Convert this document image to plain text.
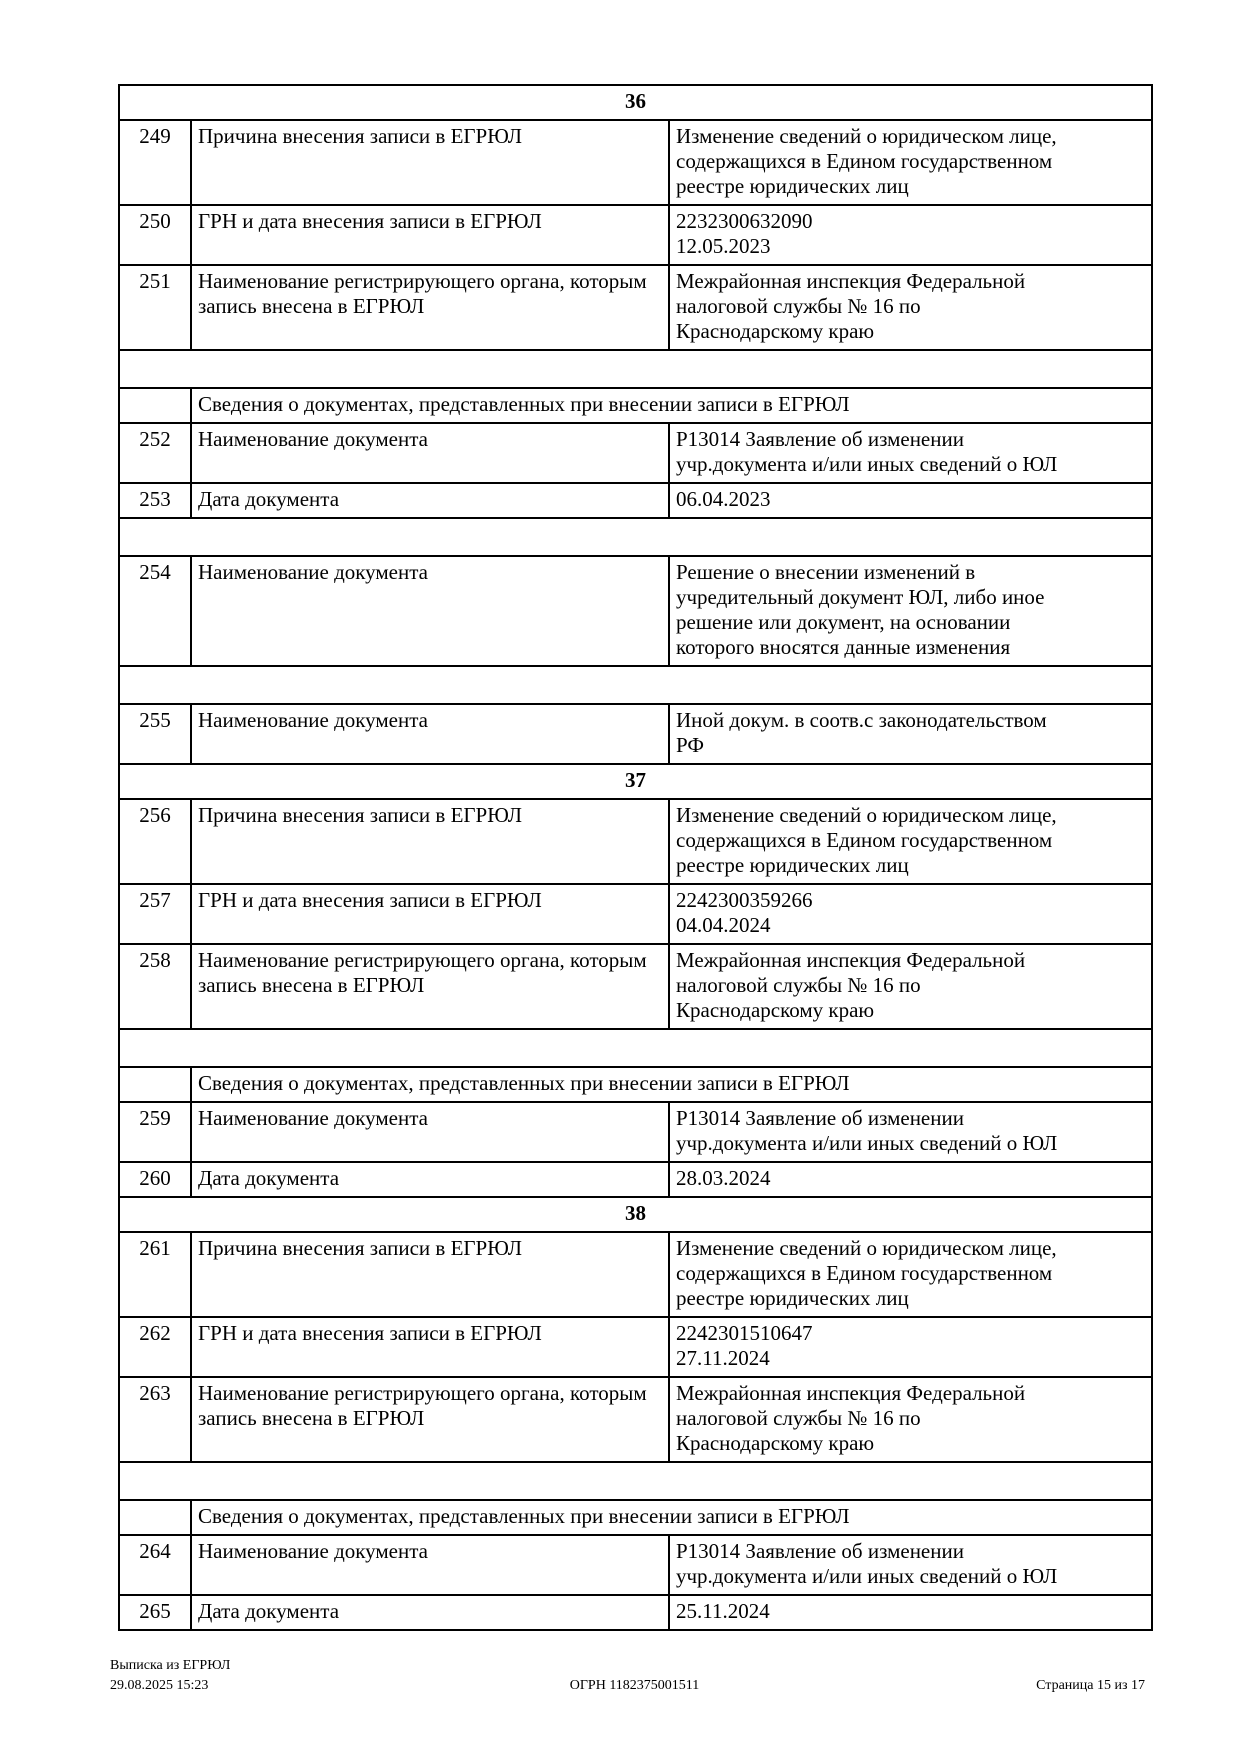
36		
249	Причина внесения записи в ЕГРЮЛ	Изменение сведений о юридическом лице,
содержащихся в Едином государственном
реестре юридических лиц

250	ГРН и дата внесения записи в ЕГРЮЛ	2232300632090
12.05.2023

251	Наименование регистрирующего органа, которым запись внесена в ЕГРЮЛ	Межрайонная инспекция Федеральной
налоговой службы № 16 по
Краснодарскому краю

	Сведения о документах, представленных при внесении записи в ЕГРЮЛ	
252	Наименование документа	Р13014 Заявление об изменении
учр.документа и/или иных сведений о ЮЛ

253	Дата документа	06.04.2023

254	Наименование документа	Решение о внесении изменений в
учредительный документ ЮЛ, либо иное
решение или документ, на основании
которого вносятся данные изменения

255	Наименование документа	Иной докум. в соотв.с законодательством
РФ

37		
256	Причина внесения записи в ЕГРЮЛ	Изменение сведений о юридическом лице,
содержащихся в Едином государственном
реестре юридических лиц

257	ГРН и дата внесения записи в ЕГРЮЛ	2242300359266
04.04.2024

258	Наименование регистрирующего органа, которым запись внесена в ЕГРЮЛ	Межрайонная инспекция Федеральной
налоговой службы № 16 по
Краснодарскому краю

	Сведения о документах, представленных при внесении записи в ЕГРЮЛ	
259	Наименование документа	Р13014 Заявление об изменении
учр.документа и/или иных сведений о ЮЛ

260	Дата документа	28.03.2024

38		
261	Причина внесения записи в ЕГРЮЛ	Изменение сведений о юридическом лице,
содержащихся в Едином государственном
реестре юридических лиц

262	ГРН и дата внесения записи в ЕГРЮЛ	2242301510647
27.11.2024

263	Наименование регистрирующего органа, которым запись внесена в ЕГРЮЛ	Межрайонная инспекция Федеральной
налоговой службы № 16 по
Краснодарскому краю

	Сведения о документах, представленных при внесении записи в ЕГРЮЛ	
264	Наименование документа	Р13014 Заявление об изменении
учр.документа и/или иных сведений о ЮЛ

265	Дата документа	25.11.2024
Выписка из ЕГРЮЛ
29.08.2025 15:23	ОГРН 1182375001511	Страница 15 из 17
